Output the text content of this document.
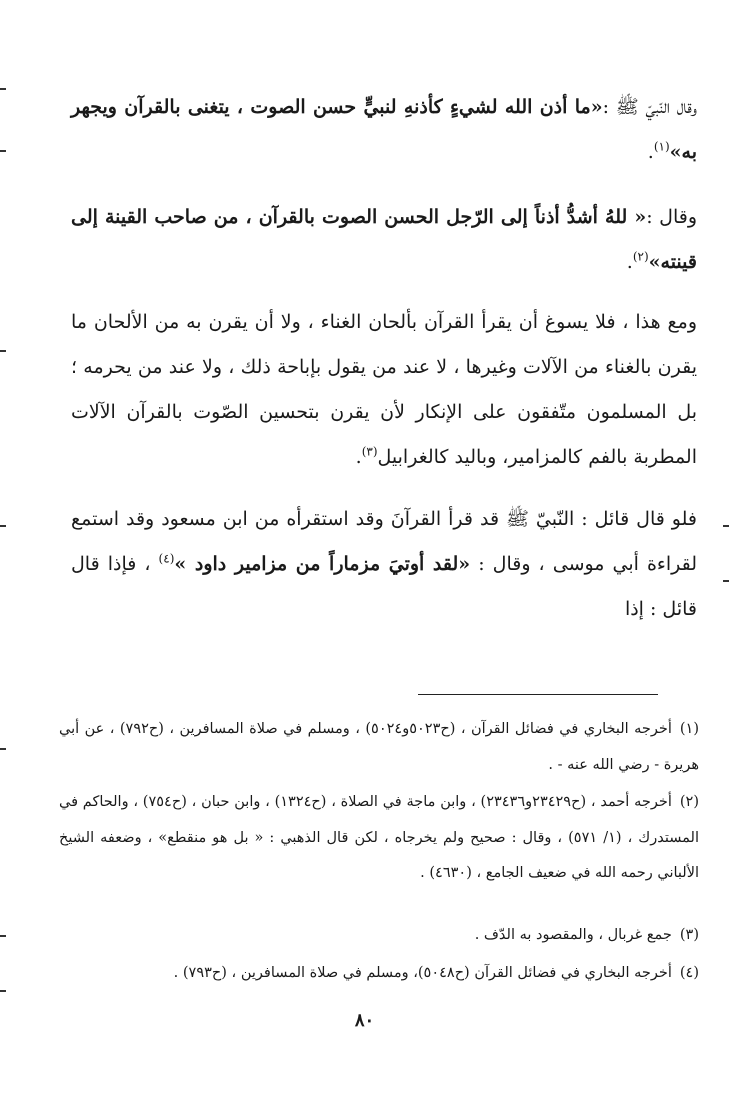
وقال النّبيّ ﷺ :«ما أذن الله لشيءٍ كأذنهِ لنبيٍّ حسن الصوت ، يتغنى بالقرآن ويجهر به»$^{(١)}$.

وقال :« للهُ أشدُّ أذناً إلى الرّجل الحسن الصوت بالقرآن ، من صاحب القينة إلى قينته»$^{(٢)}$.

ومع هذا ، فلا يسوغ أن يقرأ القرآن بألحان الغناء ، ولا أن يقرن به من الألحان ما يقرن بالغناء من الآلات وغيرها ، لا عند من يقول بإباحة ذلك ، ولا عند من يحرمه ؛ بل المسلمون متّفقون على الإنكار لأن يقرن بتحسين الصّوت بالقرآن الآلات المطربة بالفم كالمزامير، وباليد كالغرابيل$^{(٣)}$.

فلو قال قائل : النّبيّ ﷺ قد قرأ القرآنَ وقد استقرأه من ابن مسعود وقد استمع لقراءة أبي موسى ، وقال : «لقد أوتيَ مزماراً من مزامير داود »$^{(٤)}$ ، فإذا قال قائل : إذا

(١)أخرجه البخاري في فضائل القرآن ، (ح٥٠٢٣و٥٠٢٤) ، ومسلم في صلاة المسافرين ، (ح٧٩٢) ، عن أبي هريرة - رضي الله عنه - .

(٢)أخرجه أحمد ، (ح٢٣٤٢٩و٢٣٤٣٦) ، وابن ماجة في الصلاة ، (ح١٣٢٤) ، وابن حبان ، (ح٧٥٤) ، والحاكم في المستدرك ، (١/ ٥٧١) ، وقال : صحيح ولم يخرجاه ، لكن قال الذهبي : « بل هو منقطع» ، وضعفه الشيخ الألباني رحمه الله في ضعيف الجامع ، (٤٦٣٠) .

(٣)جمع غربال ، والمقصود به الدّف .

(٤)أخرجه البخاري في فضائل القرآن (ح٥٠٤٨)، ومسلم في صلاة المسافرين ، (ح٧٩٣) .

٨٠
